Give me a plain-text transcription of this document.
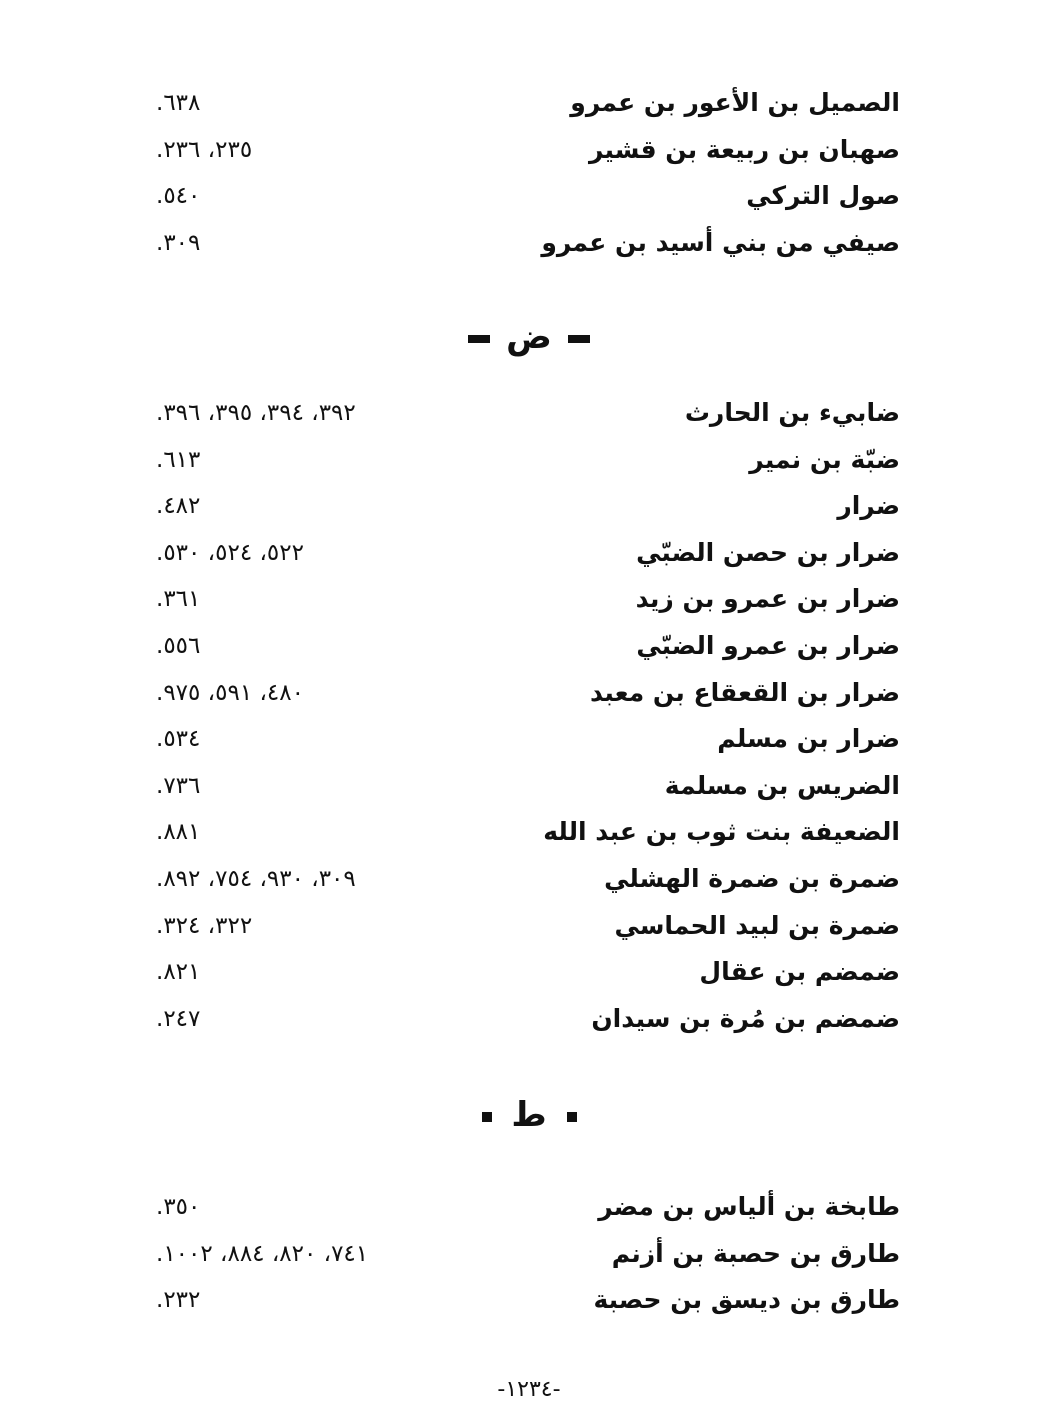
الصميل بن الأعور بن عمرو
٦٣٨.
صهبان بن ربيعة بن قشير
٢٣٥، ٢٣٦.
صول التركي
٥٤٠.
صيفي من بني أسيد بن عمرو
٣٠٩.
ض
ضابيء بن الحارث
٣٩٢، ٣٩٤، ٣٩٥، ٣٩٦.
ضبّة بن نمير
٦١٣.
ضرار
٤٨٢.
ضرار بن حصن الضبّي
٥٢٢، ٥٢٤، ٥٣٠.
ضرار بن عمرو بن زيد
٣٦١.
ضرار بن عمرو الضبّي
٥٥٦.
ضرار بن القعقاع بن معبد
٤٨٠، ٥٩١، ٩٧٥.
ضرار بن مسلم
٥٣٤.
الضريس بن مسلمة
٧٣٦.
الضعيفة بنت ثوب بن عبد الله
٨٨١.
ضمرة بن ضمرة الهشلي
٣٠٩، ٩٣٠، ٧٥٤، ٨٩٢.
ضمرة بن لبيد الحماسي
٣٢٢، ٣٢٤.
ضمضم بن عقال
٨٢١.
ضمضم بن مُرة بن سيدان
٢٤٧.
ط
طابخة بن ألياس بن مضر
٣٥٠.
طارق بن حصبة بن أزنم
٧٤١، ٨٢٠، ٨٨٤، ١٠٠٢.
طارق بن ديسق بن حصبة
٢٣٢.
-١٢٣٤-
